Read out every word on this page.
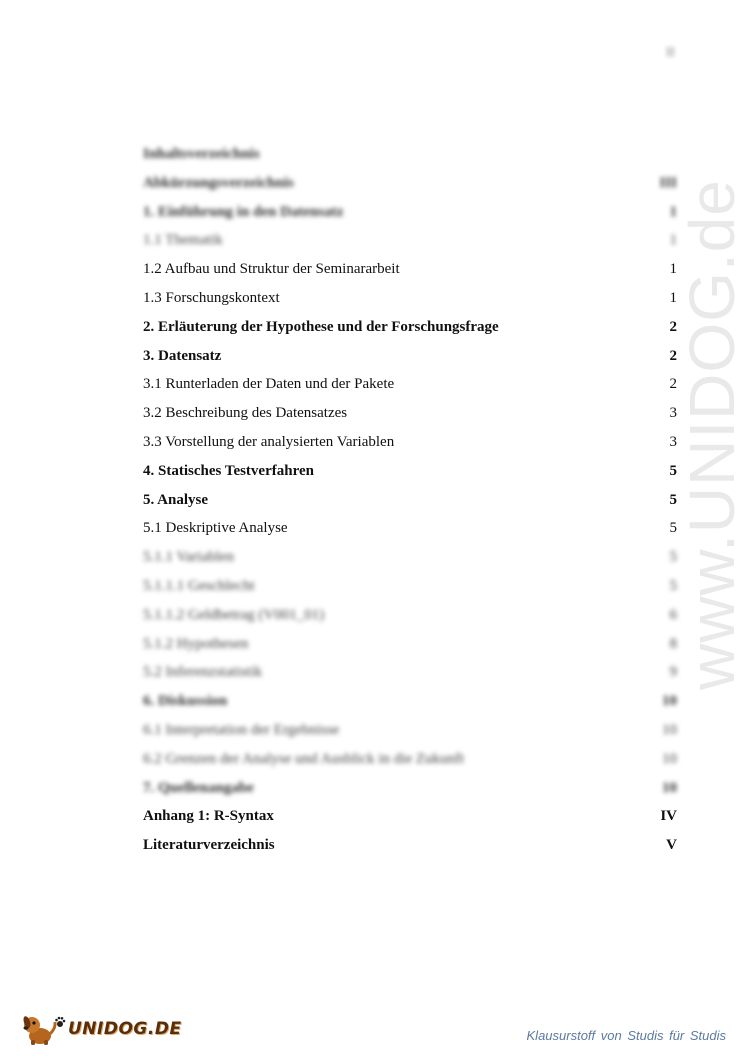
II
www.UNIDOG.de
Inhaltsverzeichnis
Abkürzungsverzeichnis	III
1. Einführung in den Datensatz	1
1.1 Thematik	1
1.2 Aufbau und Struktur der Seminararbeit	1
1.3 Forschungskontext	1
2. Erläuterung der Hypothese und der Forschungsfrage	2
3. Datensatz	2
3.1 Runterladen der Daten und der Pakete	2
3.2 Beschreibung des Datensatzes	3
3.3 Vorstellung der analysierten Variablen	3
4. Statisches Testverfahren	5
5. Analyse	5
5.1 Deskriptive Analyse	5
5.1.1 Variablen	5
5.1.1.1 Geschlecht	5
5.1.1.2 Geldbetrag (V001_01)	6
5.1.2 Hypothesen	8
5.2 Inferenzstatistik	9
6. Diskussion	10
6.1 Interpretation der Ergebnisse	10
6.2 Grenzen der Analyse und Ausblick in die Zukunft	10
7. Quellenangabe	10
Anhang 1: R-Syntax	IV
Literaturverzeichnis	V
UNIDOG.DE	Klausurstoff von Studis für Studis
